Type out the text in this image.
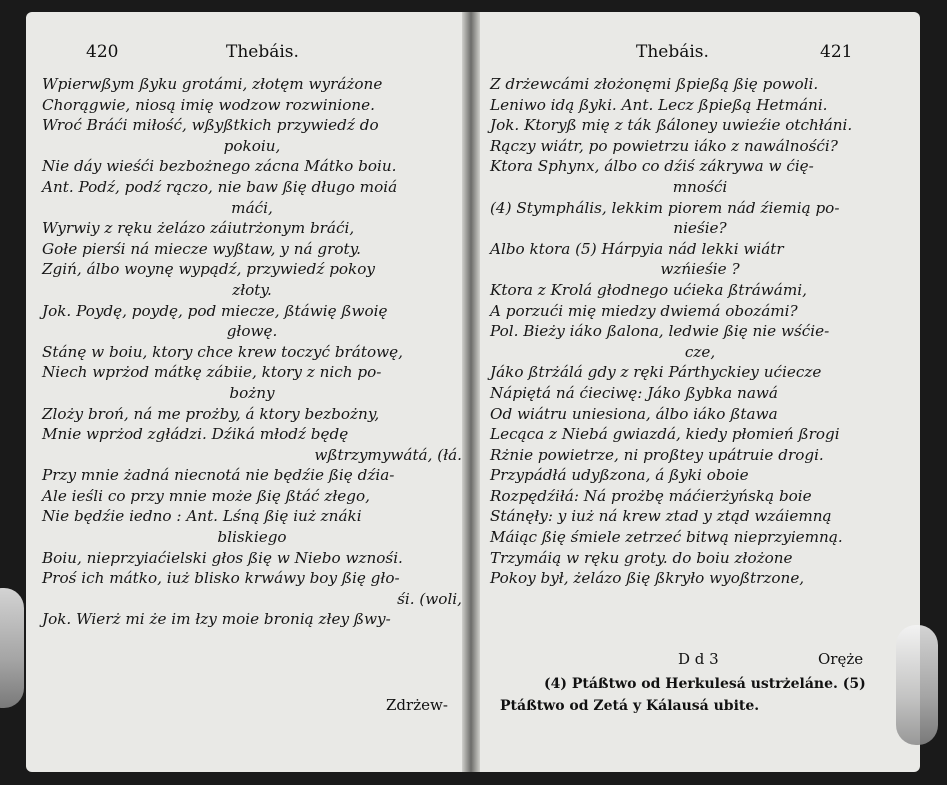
420	Thebáis.
Wpierwßym ßyku grotámi, złotęm wyráżone
Chorągwie, niosą imię wodzow rozwinione.
Wroć Bráći miłość, wßyßtkich przywiedź do
pokoiu,
Nie dáy wieśći bezbożnego zácna Mátko boiu.
Ant. Podź, podź rączo, nie baw ßię długo moiá
máći,
Wyrwiy z ręku żelázo záiutrżonym bráći,
Gołe pierśi ná miecze wyßtaw, y ná groty.
Zgiń, álbo woynę wypądź, przywiedź pokoy
złoty.
Jok. Poydę, poydę, pod miecze, ßtáwię ßwoię
głowę.
Stánę w boiu, ktory chce krew toczyć brátowę,
Niech wprżod mátkę zábiie, ktory z nich po-
bożny
Zloży broń, ná me prożby, á ktory bezbożny,
Mnie wprżod zgłádzi. Dźiká młodź będę
wßtrzymywátá, (łá.
Przy mnie żadná niecnotá nie będźie ßię dźia-
Ale ieśli co przy mnie może ßię ßtáć złego,
Nie będźie iedno : Ant. Lśną ßię iuż znáki
bliskiego
Boiu, nieprzyiaćielski głos ßię w Niebo wznośi.
Proś ich mátko, iuż blisko krwáwy boy ßię gło-
śi. (woli,
Jok. Wierż mi że im łzy moie bronią złey ßwy-
Zdrżew-
Thebáis.	421
Z drżewcámi złożonęmi ßpießą ßię powoli.
Leniwo idą ßyki. Ant. Lecz ßpießą Hetmáni.
Jok. Ktoryß mię z ták ßáloney uwieźie otchłáni.
Rączy wiátr, po powietrzu iáko z nawálnośći?
Ktora Sphynx, álbo co dźiś zákrywa w ćię-
mnośći
(4) Stymphális, lekkim piorem nád źiemią po-
nieśie?
Albo ktora (5) Hárpyia nád lekki wiátr
wzńieśie ?
Ktora z Krolá głodnego ućieka ßtráwámi,
A porzući mię miedzy dwiemá obozámi?
Pol. Bieży iáko ßalona, ledwie ßię nie wśćie-
cze,
Jáko ßtrżálá gdy z ręki Párthyckiey ućiecze
Nápiętá ná ćieciwę: Jáko ßybka nawá
Od wiátru uniesiona, álbo iáko ßtawa
Lecąca z Niebá gwiazdá, kiedy płomień ßrogi
Rżnie powietrze, ni proßtey upátruie drogi.
Przypádłá udyßzona, á ßyki oboie
Rozpędźiłá: Ná prożbę máćierżyńską boie
Stánęły: y iuż ná krew ztad y ztąd wzáiemną
Máiąc ßię śmiele zetrzeć bitwą nieprzyiemną.
Trzymáią w ręku groty. do boiu złożone
Pokoy był, żelázo ßię ßkryło wyoßtrzone,
D d 3	Oręże
(4) Ptáßtwo od Herkulesá ustrżeláne. (5)
Ptáßtwo od Zetá y Kálausá ubite.
